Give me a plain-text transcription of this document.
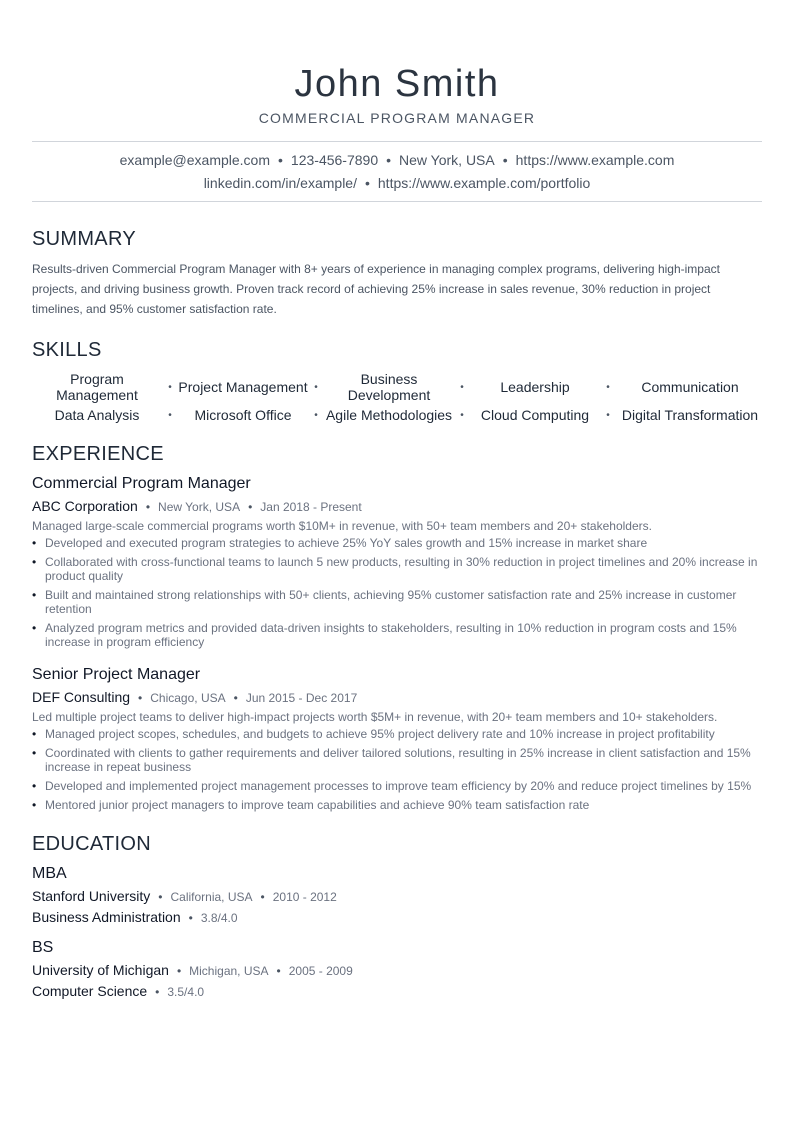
John Smith
COMMERCIAL PROGRAM MANAGER
example@example.com • 123-456-7890 • New York, USA • https://www.example.com
linkedin.com/in/example/ • https://www.example.com/portfolio
SUMMARY
Results-driven Commercial Program Manager with 8+ years of experience in managing complex programs, delivering high-impact projects, and driving business growth. Proven track record of achieving 25% increase in sales revenue, 30% reduction in project timelines, and 95% customer satisfaction rate.
SKILLS
Program Management	• Project Management •	Business Development	•	Leadership	•	Communication
Data Analysis	•	Microsoft Office	• Agile Methodologies •	Cloud Computing	• Digital Transformation
EXPERIENCE
Commercial Program Manager
ABC Corporation • New York, USA • Jan 2018 - Present
Managed large-scale commercial programs worth $10M+ in revenue, with 50+ team members and 20+ stakeholders.
• Developed and executed program strategies to achieve 25% YoY sales growth and 15% increase in market share
• Collaborated with cross-functional teams to launch 5 new products, resulting in 30% reduction in project timelines and 20% increase in product quality
• Built and maintained strong relationships with 50+ clients, achieving 95% customer satisfaction rate and 25% increase in customer retention
• Analyzed program metrics and provided data-driven insights to stakeholders, resulting in 10% reduction in program costs and 15% increase in program efficiency
Senior Project Manager
DEF Consulting • Chicago, USA • Jun 2015 - Dec 2017
Led multiple project teams to deliver high-impact projects worth $5M+ in revenue, with 20+ team members and 10+ stakeholders.
• Managed project scopes, schedules, and budgets to achieve 95% project delivery rate and 10% increase in project profitability
• Coordinated with clients to gather requirements and deliver tailored solutions, resulting in 25% increase in client satisfaction and 15% increase in repeat business
• Developed and implemented project management processes to improve team efficiency by 20% and reduce project timelines by 15%
• Mentored junior project managers to improve team capabilities and achieve 90% team satisfaction rate
EDUCATION
MBA
Stanford University • California, USA • 2010 - 2012
Business Administration • 3.8/4.0
BS
University of Michigan • Michigan, USA • 2005 - 2009
Computer Science • 3.5/4.0
